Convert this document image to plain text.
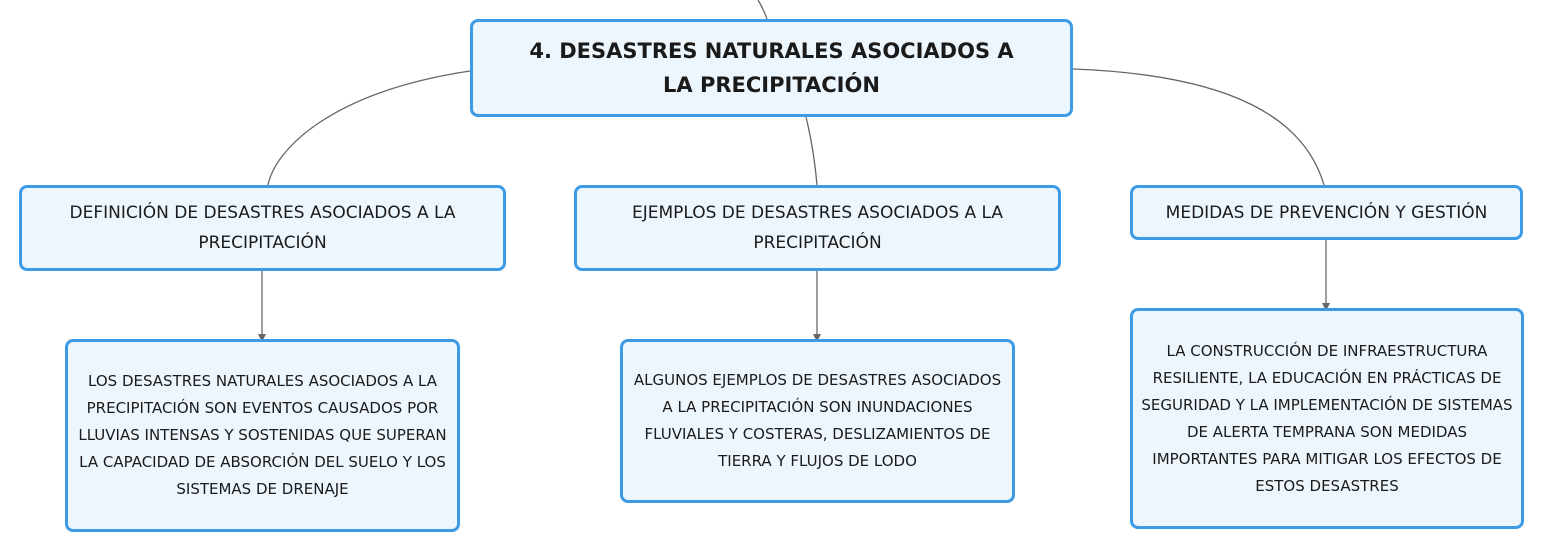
4. DESASTRES NATURALES ASOCIADOS A LA PRECIPITACIÓN
DEFINICIÓN DE DESASTRES ASOCIADOS A LA PRECIPITACIÓN
EJEMPLOS DE DESASTRES ASOCIADOS A LA PRECIPITACIÓN
MEDIDAS DE PREVENCIÓN Y GESTIÓN
LOS DESASTRES NATURALES ASOCIADOS A LA PRECIPITACIÓN SON EVENTOS CAUSADOS POR LLUVIAS INTENSAS Y SOSTENIDAS QUE SUPERAN LA CAPACIDAD DE ABSORCIÓN DEL SUELO Y LOS SISTEMAS DE DRENAJE
ALGUNOS EJEMPLOS DE DESASTRES ASOCIADOS A LA PRECIPITACIÓN SON INUNDACIONES FLUVIALES Y COSTERAS, DESLIZAMIENTOS DE TIERRA Y FLUJOS DE LODO
LA CONSTRUCCIÓN DE INFRAESTRUCTURA RESILIENTE, LA EDUCACIÓN EN PRÁCTICAS DE SEGURIDAD Y LA IMPLEMENTACIÓN DE SISTEMAS DE ALERTA TEMPRANA SON MEDIDAS IMPORTANTES PARA MITIGAR LOS EFECTOS DE ESTOS DESASTRES
